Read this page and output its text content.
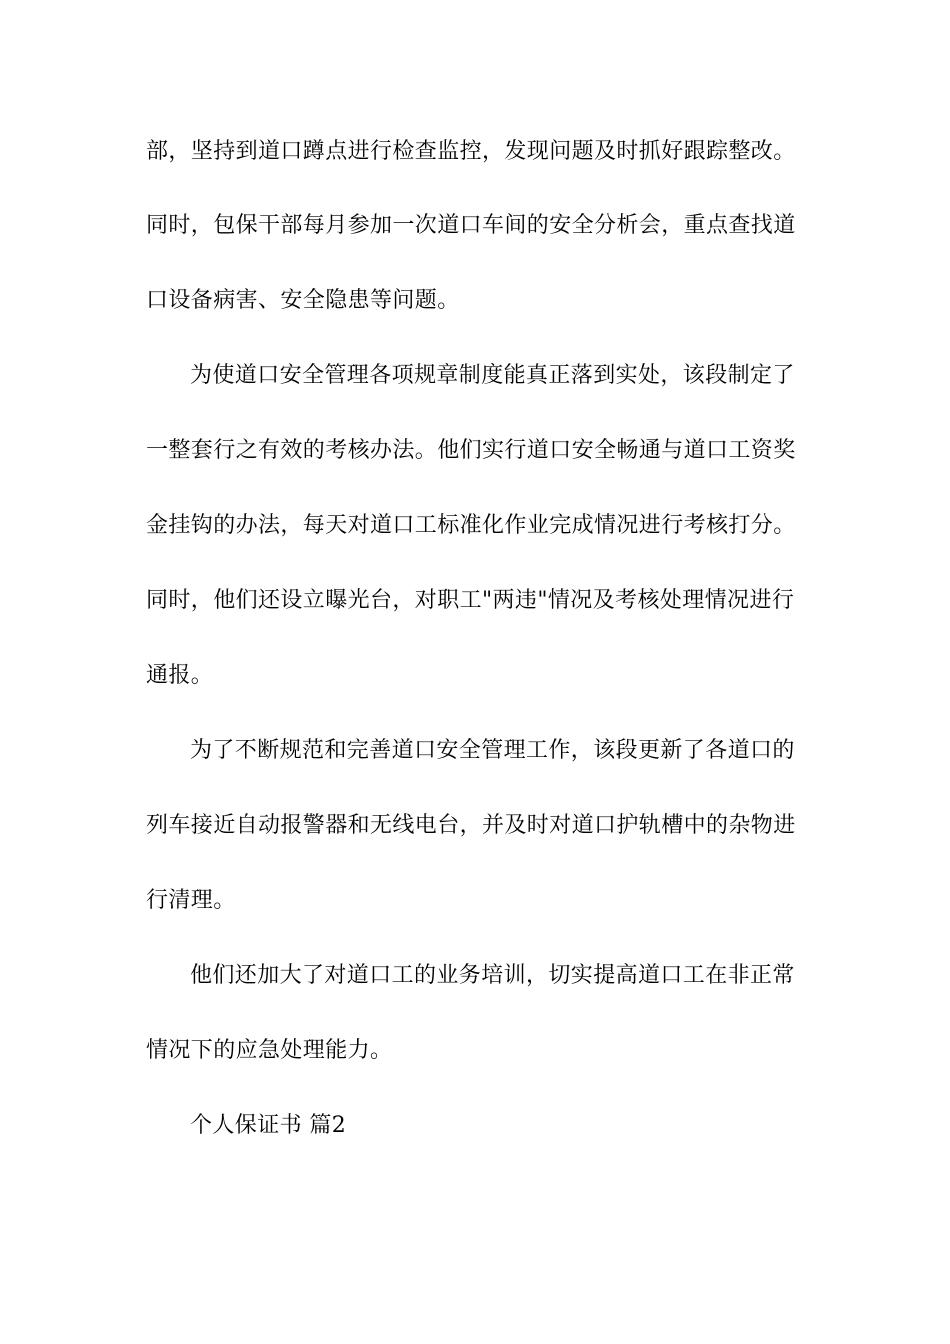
部，坚持到道口蹲点进行检查监控，发现问题及时抓好跟踪整改。
同时，包保干部每月参加一次道口车间的安全分析会，重点查找道
口设备病害、安全隐患等问题。
为使道口安全管理各项规章制度能真正落到实处，该段制定了
一整套行之有效的考核办法。他们实行道口安全畅通与道口工资奖
金挂钩的办法，每天对道口工标准化作业完成情况进行考核打分。
同时，他们还设立曝光台，对职工"两违"情况及考核处理情况进行
通报。
为了不断规范和完善道口安全管理工作，该段更新了各道口的
列车接近自动报警器和无线电台，并及时对道口护轨槽中的杂物进
行清理。
他们还加大了对道口工的业务培训，切实提高道口工在非正常
情况下的应急处理能力。
个人保证书 篇2
